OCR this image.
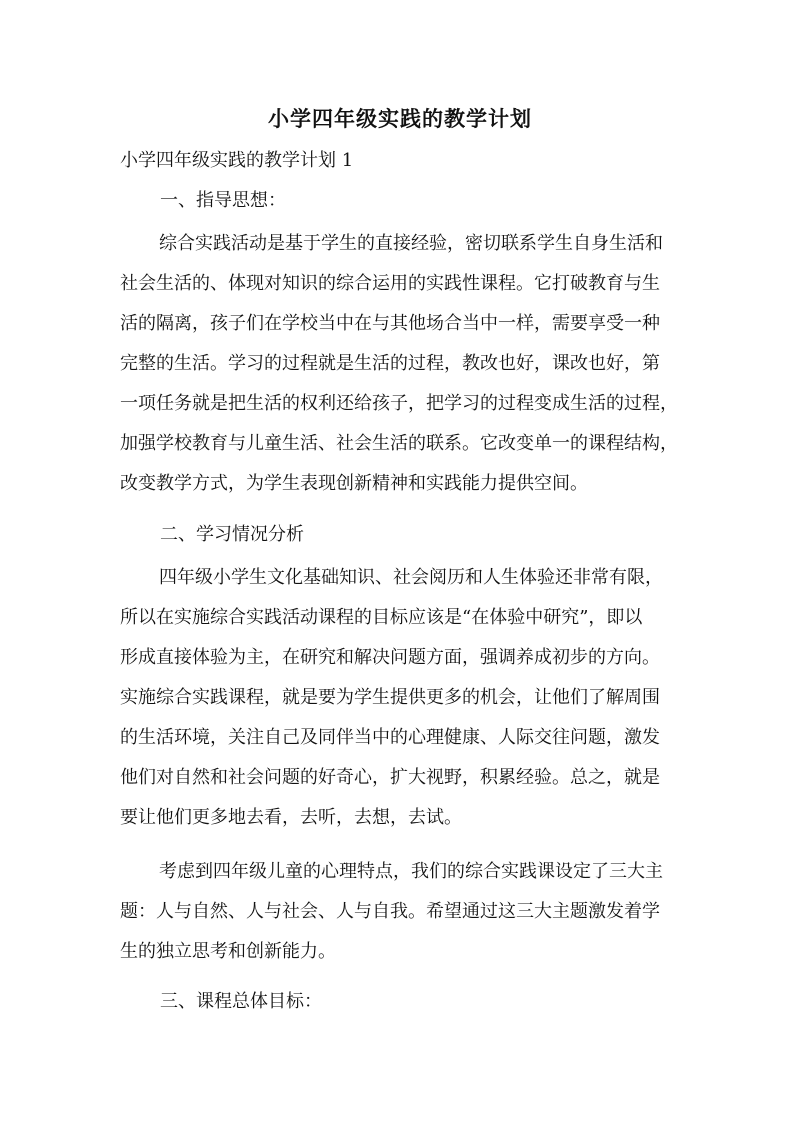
小学四年级实践的教学计划
小学四年级实践的教学计划 1
一、指导思想：
综合实践活动是基于学生的直接经验，密切联系学生自身生活和
社会生活的、体现对知识的综合运用的实践性课程。它打破教育与生
活的隔离，孩子们在学校当中在与其他场合当中一样，需要享受一种
完整的生活。学习的过程就是生活的过程，教改也好，课改也好，第
一项任务就是把生活的权利还给孩子，把学习的过程变成生活的过程，
加强学校教育与儿童生活、社会生活的联系。它改变单一的课程结构，
改变教学方式，为学生表现创新精神和实践能力提供空间。
二、学习情况分析
四年级小学生文化基础知识、社会阅历和人生体验还非常有限，
所以在实施综合实践活动课程的目标应该是“在体验中研究”，即以
形成直接体验为主，在研究和解决问题方面，强调养成初步的方向。
实施综合实践课程，就是要为学生提供更多的机会，让他们了解周围
的生活环境，关注自己及同伴当中的心理健康、人际交往问题，激发
他们对自然和社会问题的好奇心，扩大视野，积累经验。总之，就是
要让他们更多地去看，去听，去想，去试。
考虑到四年级儿童的心理特点，我们的综合实践课设定了三大主
题：人与自然、人与社会、人与自我。希望通过这三大主题激发着学
生的独立思考和创新能力。
三、课程总体目标：
